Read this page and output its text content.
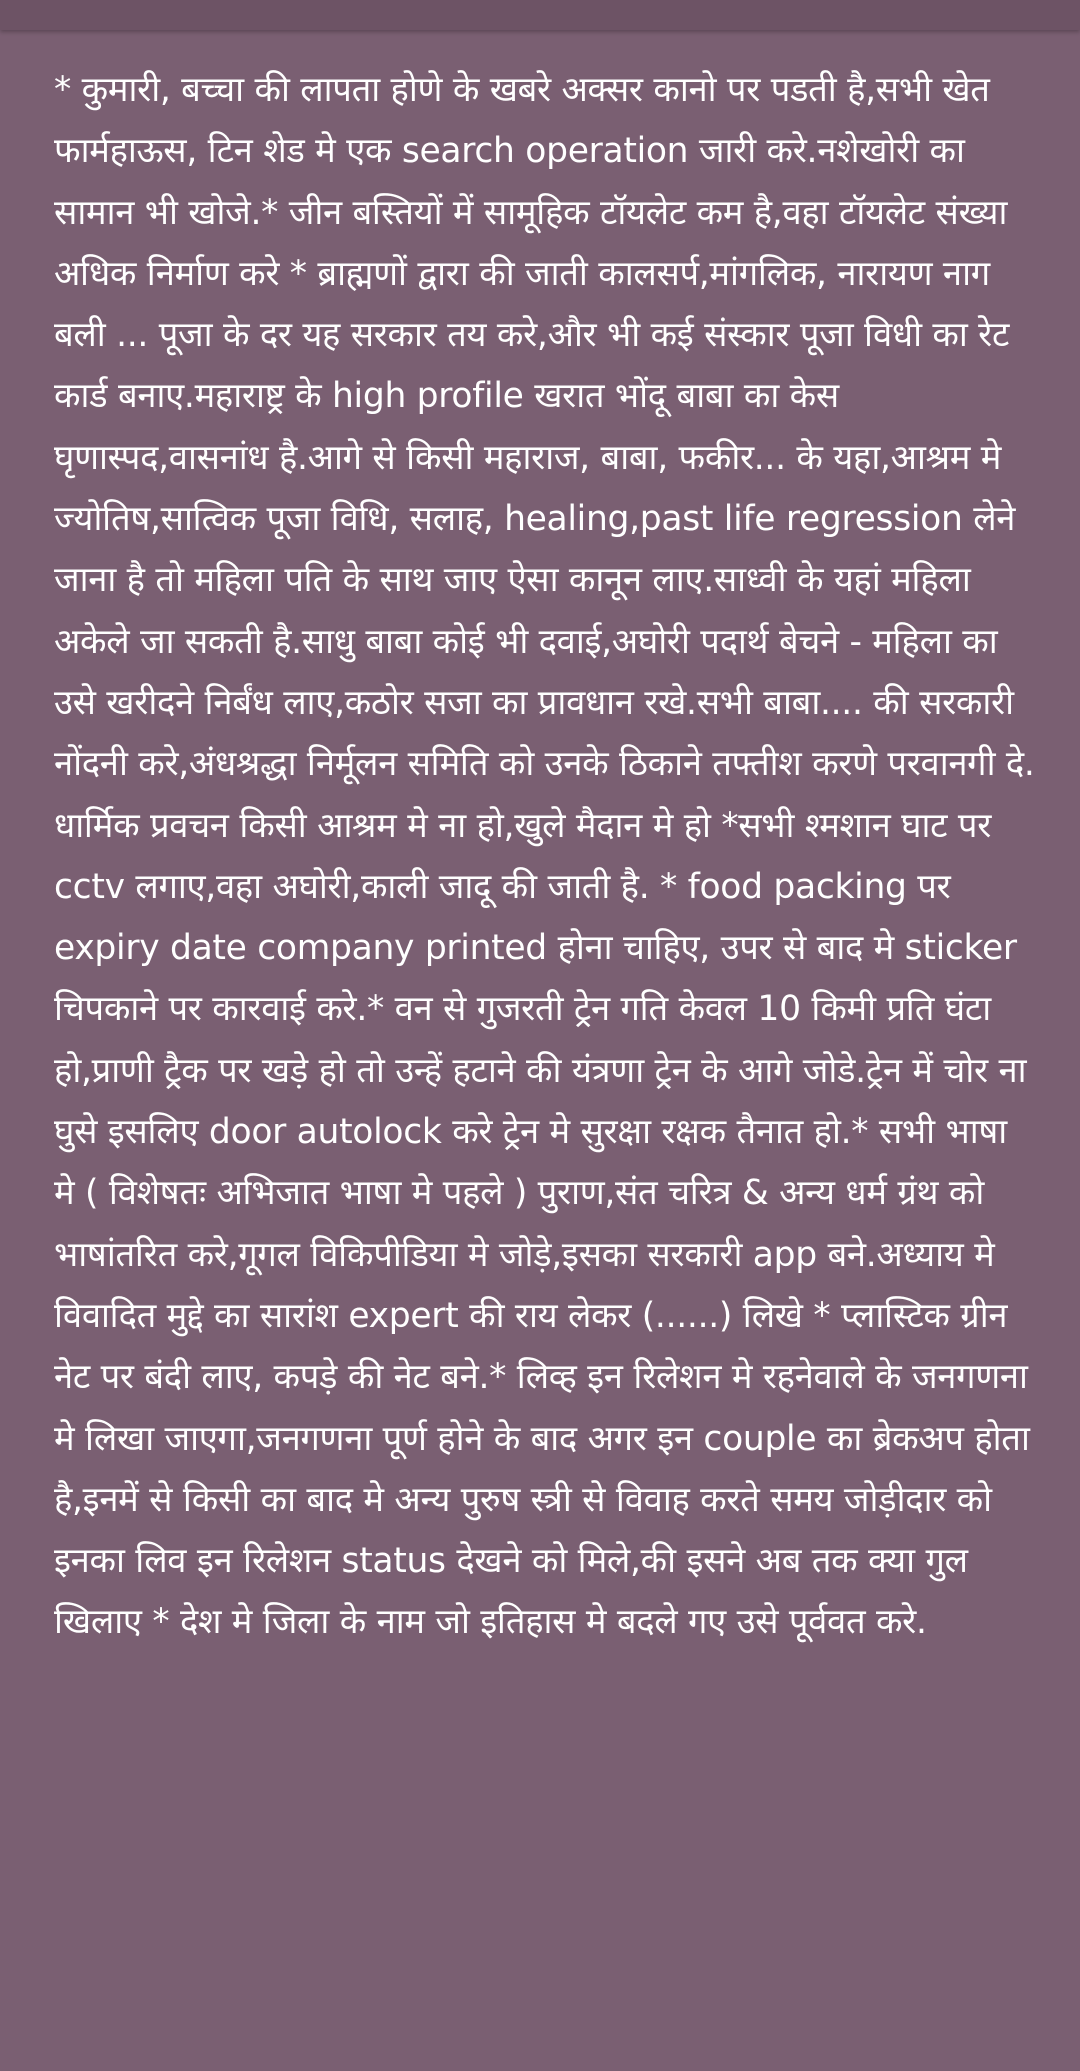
* कुमारी, बच्चा की लापता होणे के खबरे अक्सर कानो पर पडती है,सभी खेत फार्महाऊस, टिन शेड मे एक search operation जारी करे.नशेखोरी का सामान भी खोजे.* जीन बस्तियों में सामूहिक टॉयलेट कम है,वहा टॉयलेट संख्या अधिक निर्माण करे * ब्राह्मणों द्वारा की जाती कालसर्प,मांगलिक, नारायण नाग बली ... पूजा के दर यह सरकार तय करे,और भी कई संस्कार पूजा विधी का रेट कार्ड बनाए.महाराष्ट्र के high profile खरात भोंदू बाबा का केस घृणास्पद,वासनांध है.आगे से किसी महाराज, बाबा, फकीर... के यहा,आश्रम मे ज्योतिष,सात्विक पूजा विधि, सलाह, healing,past life regression लेने जाना है तो महिला पति के साथ जाए ऐसा कानून लाए.साध्वी के यहां महिला अकेले जा सकती है.साधु बाबा कोई भी दवाई,अघोरी पदार्थ बेचने - महिला का उसे खरीदने निर्बंध लाए,कठोर सजा का प्रावधान रखे.सभी बाबा.... की सरकारी नोंदनी करे,अंधश्रद्धा निर्मूलन समिति को उनके ठिकाने तफ्तीश करणे परवानगी दे. धार्मिक प्रवचन किसी आश्रम मे ना हो,खुले मैदान मे हो *सभी श्मशान घाट पर cctv लगाए,वहा अघोरी,काली जादू की जाती है. * food packing पर expiry date company printed होना चाहिए, उपर से बाद मे sticker चिपकाने पर कारवाई करे.* वन से गुजरती ट्रेन गति केवल 10 किमी प्रति घंटा हो,प्राणी ट्रैक पर खड़े हो तो उन्हें हटाने की यंत्रणा ट्रेन के आगे जोडे.ट्रेन में चोर ना घुसे इसलिए door autolock करे ट्रेन मे सुरक्षा रक्षक तैनात हो.* सभी भाषा मे ( विशेषतः अभिजात भाषा मे पहले ) पुराण,संत चरित्र & अन्य धर्म ग्रंथ को भाषांतरित करे,गूगल विकिपीडिया मे जोड़े,इसका सरकारी app बने.अध्याय मे विवादित मुद्दे का सारांश expert की राय लेकर (......) लिखे * प्लास्टिक ग्रीन नेट पर बंदी लाए, कपड़े की नेट बने.* लिव्ह इन रिलेशन मे रहनेवाले के जनगणना मे लिखा जाएगा,जनगणना पूर्ण होने के बाद अगर इन couple का ब्रेकअप होता है,इनमें से किसी का बाद मे अन्य पुरुष स्त्री से विवाह करते समय जोड़ीदार को इनका लिव इन रिलेशन status देखने को मिले,की इसने अब तक क्या गुल खिलाए * देश मे जिला के नाम जो इतिहास मे बदले गए उसे पूर्ववत करे.
